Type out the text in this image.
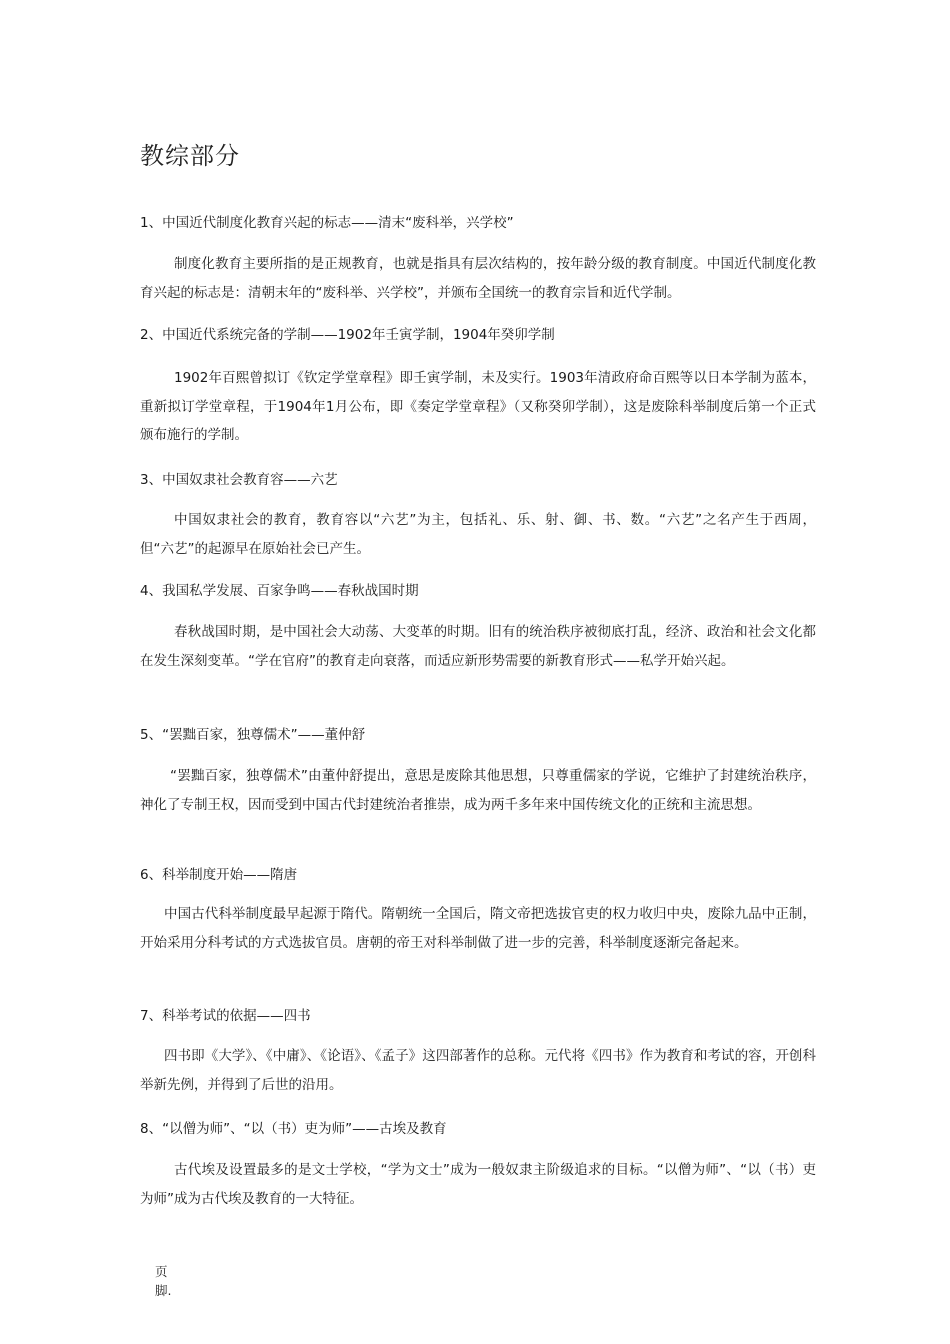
教综部分

1、中国近代制度化教育兴起的标志——清末“废科举，兴学校”

制度化教育主要所指的是正规教育，也就是指具有层次结构的，按年龄分级的教育制度。中国近代制度化教育兴起的标志是：清朝末年的“废科举、兴学校”，并颁布全国统一的教育宗旨和近代学制。

2、中国近代系统完备的学制——1902年壬寅学制，1904年癸卯学制

1902年百熙曾拟订《钦定学堂章程》即壬寅学制，未及实行。1903年清政府命百熙等以日本学制为蓝本，重新拟订学堂章程，于1904年1月公布，即《奏定学堂章程》（又称癸卯学制），这是废除科举制度后第一个正式颁布施行的学制。

3、中国奴隶社会教育容——六艺

中国奴隶社会的教育，教育容以“六艺”为主，包括礼、乐、射、御、书、数。“六艺”之名产生于西周，但“六艺”的起源早在原始社会已产生。

4、我国私学发展、百家争鸣——春秋战国时期

春秋战国时期，是中国社会大动荡、大变革的时期。旧有的统治秩序被彻底打乱，经济、政治和社会文化都在发生深刻变革。“学在官府”的教育走向衰落，而适应新形势需要的新教育形式——私学开始兴起。

5、“罢黜百家，独尊儒术”——董仲舒

“罢黜百家，独尊儒术”由董仲舒提出，意思是废除其他思想，只尊重儒家的学说，它维护了封建统治秩序，神化了专制王权，因而受到中国古代封建统治者推崇，成为两千多年来中国传统文化的正统和主流思想。

6、科举制度开始——隋唐

中国古代科举制度最早起源于隋代。隋朝统一全国后，隋文帝把选拔官吏的权力收归中央，废除九品中正制，开始采用分科考试的方式选拔官员。唐朝的帝王对科举制做了进一步的完善，科举制度逐渐完备起来。

7、科举考试的依据——四书

四书即《大学》、《中庸》、《论语》、《孟子》这四部著作的总称。元代将《四书》作为教育和考试的容，开创科举新先例，并得到了后世的沿用。

8、“以僧为师”、“以（书）吏为师”——古埃及教育

古代埃及设置最多的是文士学校，“学为文士”成为一般奴隶主阶级追求的目标。“以僧为师”、“以（书）吏为师”成为古代埃及教育的一大特征。

页
脚.
